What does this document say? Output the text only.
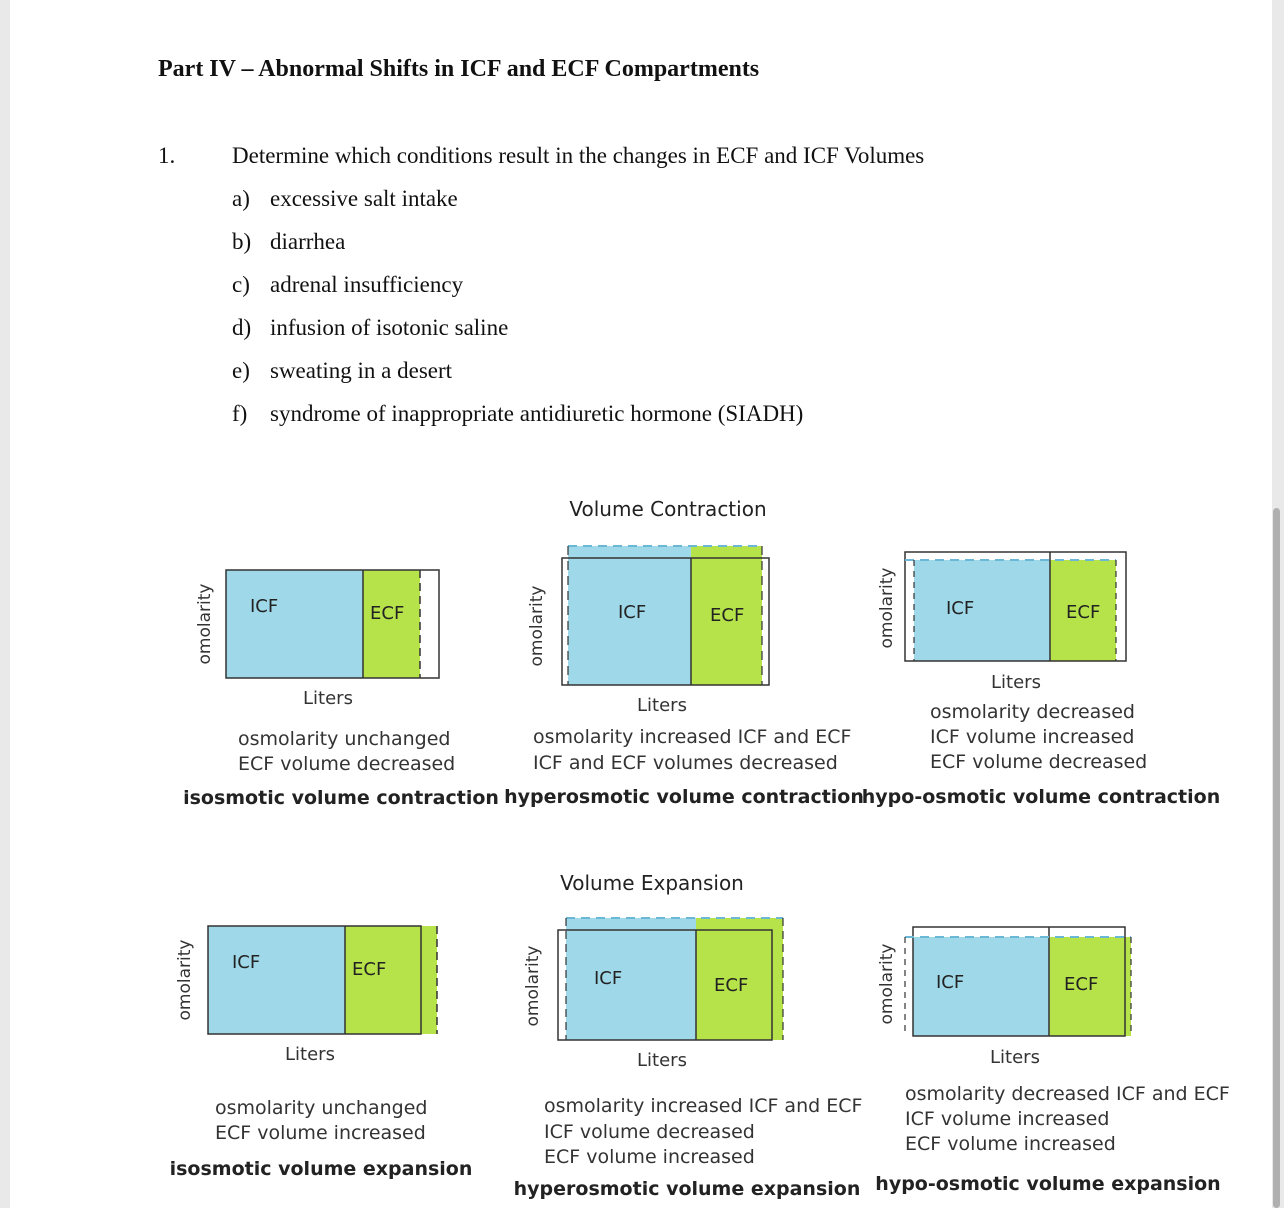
Part IV – Abnormal Shifts in ICF and ECF Compartments
1. Determine which conditions result in the changes in ECF and ICF Volumes
a) excessive salt intake
b) diarrhea
c) adrenal insufficiency
d) infusion of isotonic saline
e) sweating in a desert
f) syndrome of inappropriate antidiuretic hormone (SIADH)
Volume Contraction
Volume Expansion
ICF	ECF
omolarity
Liters
osmolarity unchanged
ECF volume decreased
isosmotic volume contraction
ICF	ECF
omolarity
Liters
osmolarity increased ICF and ECF
ICF and ECF volumes decreased
hyperosmotic volume contraction
ICF	ECF
omolarity
Liters
osmolarity decreased
ICF volume increased
ECF volume decreased
hypo-osmotic volume contraction
ICF	ECF
omolarity
Liters
osmolarity unchanged
ECF volume increased
isosmotic volume expansion
ICF	ECF
omolarity
Liters
osmolarity increased ICF and ECF
ICF volume decreased
ECF volume increased
hyperosmotic volume expansion
ICF	ECF
omolarity
Liters
osmolarity decreased ICF and ECF
ICF volume increased
ECF volume increased
hypo-osmotic volume expansion
